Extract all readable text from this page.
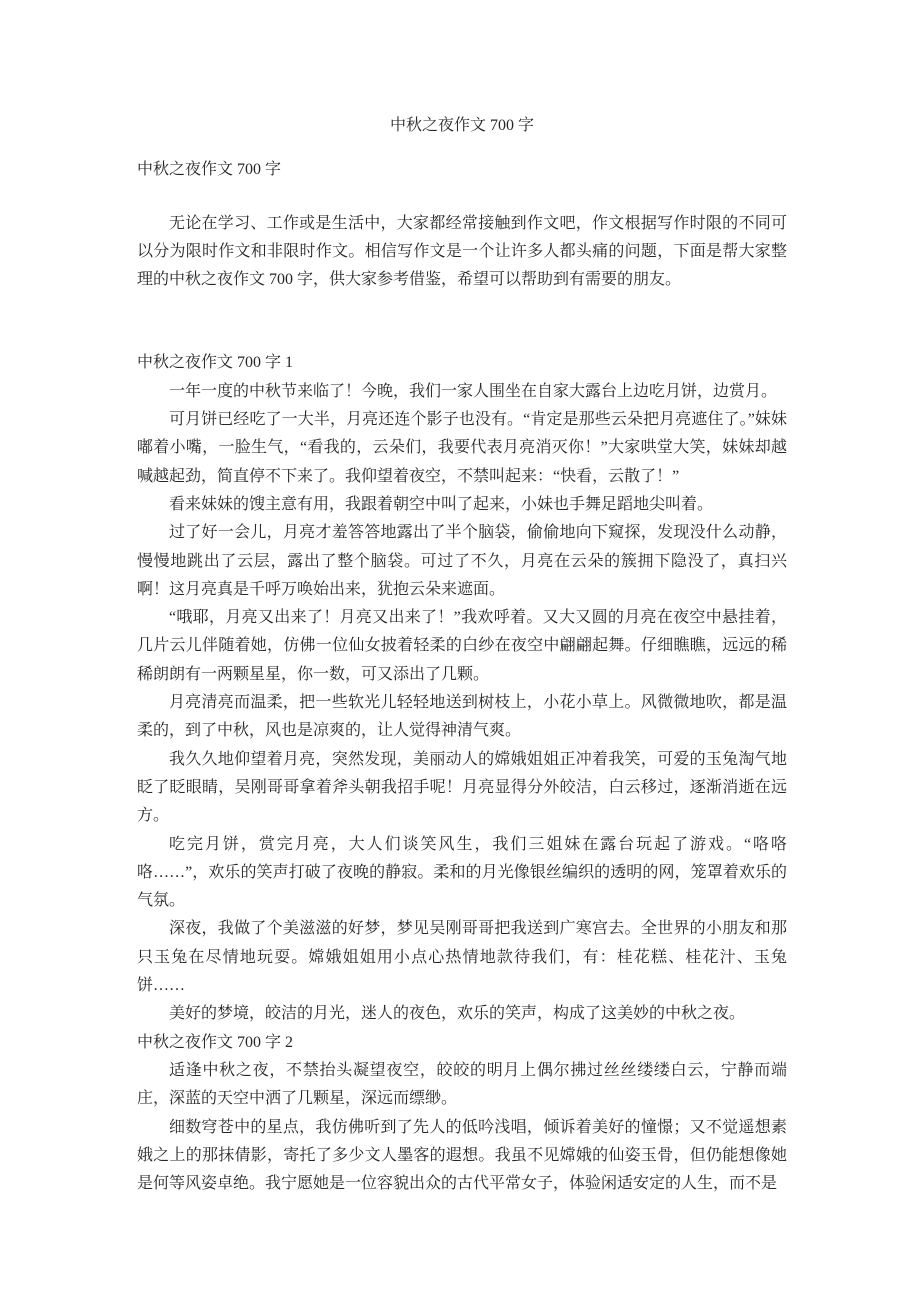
中秋之夜作文 700 字

中秋之夜作文 700 字

无论在学习、工作或是生活中，大家都经常接触到作文吧，作文根据写作时限的不同可以分为限时作文和非限时作文。相信写作文是一个让许多人都头痛的问题，下面是帮大家整理的中秋之夜作文 700 字，供大家参考借鉴，希望可以帮助到有需要的朋友。

中秋之夜作文 700 字 1

一年一度的中秋节来临了！今晚，我们一家人围坐在自家大露台上边吃月饼，边赏月。

可月饼已经吃了一大半，月亮还连个影子也没有。“肯定是那些云朵把月亮遮住了。”妹妹嘟着小嘴，一脸生气，“看我的，云朵们，我要代表月亮消灭你！”大家哄堂大笑，妹妹却越喊越起劲，简直停不下来了。我仰望着夜空，不禁叫起来：“快看，云散了！”

看来妹妹的馊主意有用，我跟着朝空中叫了起来，小妹也手舞足蹈地尖叫着。

过了好一会儿，月亮才羞答答地露出了半个脑袋，偷偷地向下窥探，发现没什么动静，慢慢地跳出了云层，露出了整个脑袋。可过了不久，月亮在云朵的簇拥下隐没了，真扫兴啊！这月亮真是千呼万唤始出来，犹抱云朵来遮面。

“哦耶，月亮又出来了！月亮又出来了！”我欢呼着。又大又圆的月亮在夜空中悬挂着，几片云儿伴随着她，仿佛一位仙女披着轻柔的白纱在夜空中翩翩起舞。仔细瞧瞧，远远的稀稀朗朗有一两颗星星，你一数，可又添出了几颗。

月亮清亮而温柔，把一些软光儿轻轻地送到树枝上，小花小草上。风微微地吹，都是温柔的，到了中秋，风也是凉爽的，让人觉得神清气爽。

我久久地仰望着月亮，突然发现，美丽动人的嫦娥姐姐正冲着我笑，可爱的玉兔淘气地眨了眨眼睛，吴刚哥哥拿着斧头朝我招手呢！月亮显得分外皎洁，白云移过，逐渐消逝在远方。

吃完月饼，赏完月亮，大人们谈笑风生，我们三姐妹在露台玩起了游戏。“咯咯咯……”，欢乐的笑声打破了夜晚的静寂。柔和的月光像银丝编织的透明的网，笼罩着欢乐的气氛。

深夜，我做了个美滋滋的好梦，梦见吴刚哥哥把我送到广寒宫去。全世界的小朋友和那只玉兔在尽情地玩耍。嫦娥姐姐用小点心热情地款待我们，有：桂花糕、桂花汁、玉兔饼……

美好的梦境，皎洁的月光，迷人的夜色，欢乐的笑声，构成了这美妙的中秋之夜。

中秋之夜作文 700 字 2

适逢中秋之夜，不禁抬头凝望夜空，皎皎的明月上偶尔拂过丝丝缕缕白云，宁静而端庄，深蓝的天空中洒了几颗星，深远而缥缈。

细数穹苍中的星点，我仿佛听到了先人的低吟浅唱，倾诉着美好的憧憬；又不觉遥想素娥之上的那抹倩影，寄托了多少文人墨客的遐想。我虽不见嫦娥的仙姿玉骨，但仍能想像她是何等风姿卓绝。我宁愿她是一位容貌出众的古代平常女子，体验闲适安定的人生，而不是
